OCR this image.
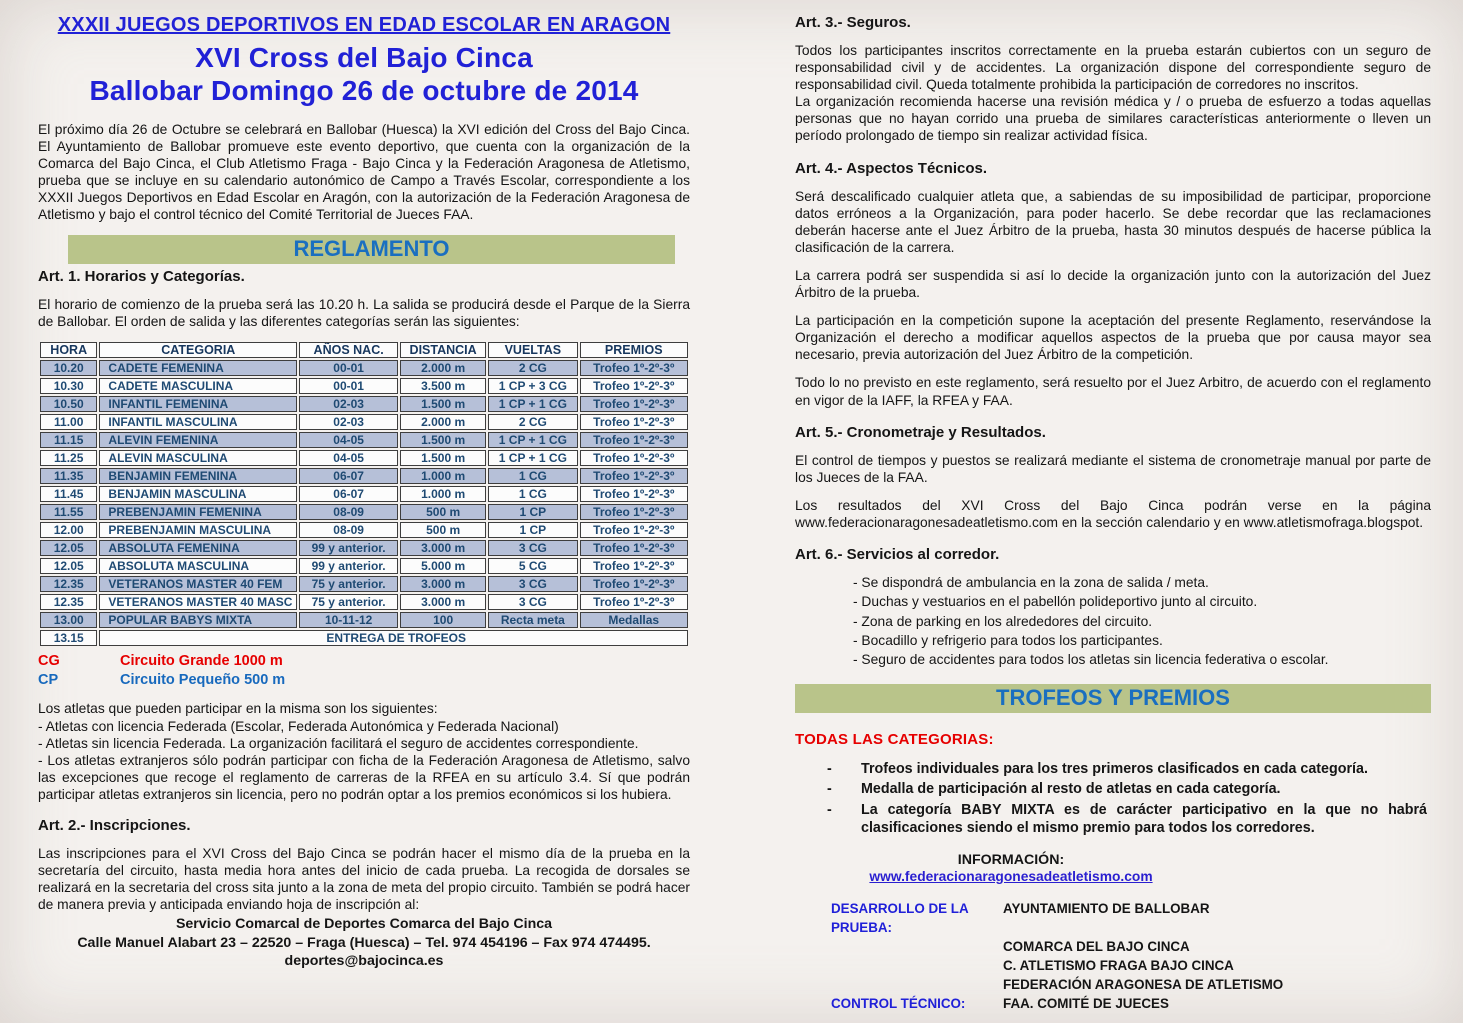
XXXII JUEGOS DEPORTIVOS EN EDAD ESCOLAR EN ARAGON
XVI Cross del Bajo Cinca
Ballobar Domingo 26 de octubre de 2014
El próximo día 26 de Octubre se celebrará en Ballobar (Huesca) la XVI edición del Cross del Bajo Cinca. El Ayuntamiento de Ballobar promueve este evento deportivo, que cuenta con la organización de la Comarca del Bajo Cinca, el Club Atletismo Fraga - Bajo Cinca y la Federación Aragonesa de Atletismo, prueba que se incluye en su calendario autonómico de Campo a Través Escolar, correspondiente a los XXXII Juegos Deportivos en Edad Escolar en Aragón, con la autorización de la Federación Aragonesa de Atletismo y bajo el control técnico del Comité Territorial de Jueces FAA.
REGLAMENTO
Art. 1. Horarios y Categorías.
El horario de comienzo de la prueba será las 10.20 h. La salida se producirá desde el Parque de la Sierra de Ballobar. El orden de salida y las diferentes categorías serán las siguientes:
HORA	CATEGORIA	AÑOS NAC.	DISTANCIA	VUELTAS	PREMIOS
10.20	CADETE FEMENINA	00-01	2.000 m	2 CG	Trofeo 1º-2º-3º
10.30	CADETE MASCULINA	00-01	3.500 m	1 CP + 3 CG	Trofeo 1º-2º-3º
10.50	INFANTIL FEMENINA	02-03	1.500 m	1 CP + 1 CG	Trofeo 1º-2º-3º
11.00	INFANTIL MASCULINA	02-03	2.000 m	2 CG	Trofeo 1º-2º-3º
11.15	ALEVIN FEMENINA	04-05	1.500 m	1 CP + 1 CG	Trofeo 1º-2º-3º
11.25	ALEVIN MASCULINA	04-05	1.500 m	1 CP + 1 CG	Trofeo 1º-2º-3º
11.35	BENJAMIN FEMENINA	06-07	1.000 m	1 CG	Trofeo 1º-2º-3º
11.45	BENJAMIN MASCULINA	06-07	1.000 m	1 CG	Trofeo 1º-2º-3º
11.55	PREBENJAMIN FEMENINA	08-09	500 m	1 CP	Trofeo 1º-2º-3º
12.00	PREBENJAMIN MASCULINA	08-09	500 m	1 CP	Trofeo 1º-2º-3º
12.05	ABSOLUTA FEMENINA	99 y anterior.	3.000 m	3 CG	Trofeo 1º-2º-3º
12.05	ABSOLUTA MASCULINA	99 y anterior.	5.000 m	5 CG	Trofeo 1º-2º-3º
12.35	VETERANOS MASTER 40 FEM	75 y anterior.	3.000 m	3 CG	Trofeo 1º-2º-3º
12.35	VETERANOS MASTER 40 MASC	75 y anterior.	3.000 m	3 CG	Trofeo 1º-2º-3º
13.00	POPULAR BABYS MIXTA	10-11-12	100	Recta meta	Medallas
13.15	ENTREGA DE TROFEOS				
CG	Circuito Grande 1000 m
CP	Circuito Pequeño 500 m
Los atletas que pueden participar en la misma son los siguientes:
- Atletas con licencia Federada (Escolar, Federada Autonómica y Federada Nacional)
- Atletas sin licencia Federada. La organización facilitará el seguro de accidentes correspondiente.
- Los atletas extranjeros sólo podrán participar con ficha de la Federación Aragonesa de Atletismo, salvo las excepciones que recoge el reglamento de carreras de la RFEA en su artículo 3.4. Sí que podrán participar atletas extranjeros sin licencia, pero no podrán optar a los premios económicos si los hubiera.
Art. 2.- Inscripciones.
Las inscripciones para el XVI Cross del Bajo Cinca se podrán hacer el mismo día de la prueba en la secretaría del circuito, hasta media hora antes del inicio de cada prueba. La recogida de dorsales se realizará en la secretaria del cross sita junto a la zona de meta del propio circuito. También se podrá hacer de manera previa y anticipada enviando hoja de inscripción al:
Servicio Comarcal de Deportes Comarca del Bajo Cinca
Calle Manuel Alabart 23 – 22520 – Fraga (Huesca) – Tel. 974 454196 – Fax 974 474495.
deportes@bajocinca.es
Art. 3.- Seguros.
Todos los participantes inscritos correctamente en la prueba estarán cubiertos con un seguro de responsabilidad civil y de accidentes. La organización dispone del correspondiente seguro de responsabilidad civil. Queda totalmente prohibida la participación de corredores no inscritos.
La organización recomienda hacerse una revisión médica y / o prueba de esfuerzo a todas aquellas personas que no hayan corrido una prueba de similares características anteriormente o lleven un período prolongado de tiempo sin realizar actividad física.
Art. 4.- Aspectos Técnicos.
Será descalificado cualquier atleta que, a sabiendas de su imposibilidad de participar, proporcione datos erróneos a la Organización, para poder hacerlo. Se debe recordar que las reclamaciones deberán hacerse ante el Juez Árbitro de la prueba, hasta 30 minutos después de hacerse pública la clasificación de la carrera.
La carrera podrá ser suspendida si así lo decide la organización junto con la autorización del Juez Árbitro de la prueba.
La participación en la competición supone la aceptación del presente Reglamento, reservándose la Organización el derecho a modificar aquellos aspectos de la prueba que por causa mayor sea necesario, previa autorización del Juez Árbitro de la competición.
Todo lo no previsto en este reglamento, será resuelto por el Juez Arbitro, de acuerdo con el reglamento en vigor de la IAFF, la RFEA y FAA.
Art. 5.- Cronometraje y Resultados.
El control de tiempos y puestos se realizará mediante el sistema de cronometraje manual por parte de los Jueces de la FAA.
Los resultados del XVI Cross del Bajo Cinca podrán verse en la página www.federacionaragonesadeatletismo.com en la sección calendario y en www.atletismofraga.blogspot.
Art. 6.- Servicios al corredor.
- Se dispondrá de ambulancia en la zona de salida / meta.
- Duchas y vestuarios en el pabellón polideportivo junto al circuito.
- Zona de parking en los alrededores del circuito.
- Bocadillo y refrigerio para todos los participantes.
- Seguro de accidentes para todos los atletas sin licencia federativa o escolar.
TROFEOS Y PREMIOS
TODAS LAS CATEGORIAS:
- Trofeos individuales para los tres primeros clasificados en cada categoría.
- Medalla de participación al resto de atletas en cada categoría.
- La categoría BABY MIXTA es de carácter participativo en la que no habrá clasificaciones siendo el mismo premio para todos los corredores.
INFORMACIÓN:
www.federacionaragonesadeatletismo.com
DESARROLLO DE LA PRUEBA:
AYUNTAMIENTO DE BALLOBAR
COMARCA DEL BAJO CINCA
C. ATLETISMO FRAGA BAJO CINCA
FEDERACIÓN ARAGONESA DE ATLETISMO
CONTROL TÉCNICO:	FAA. COMITÉ DE JUECES
